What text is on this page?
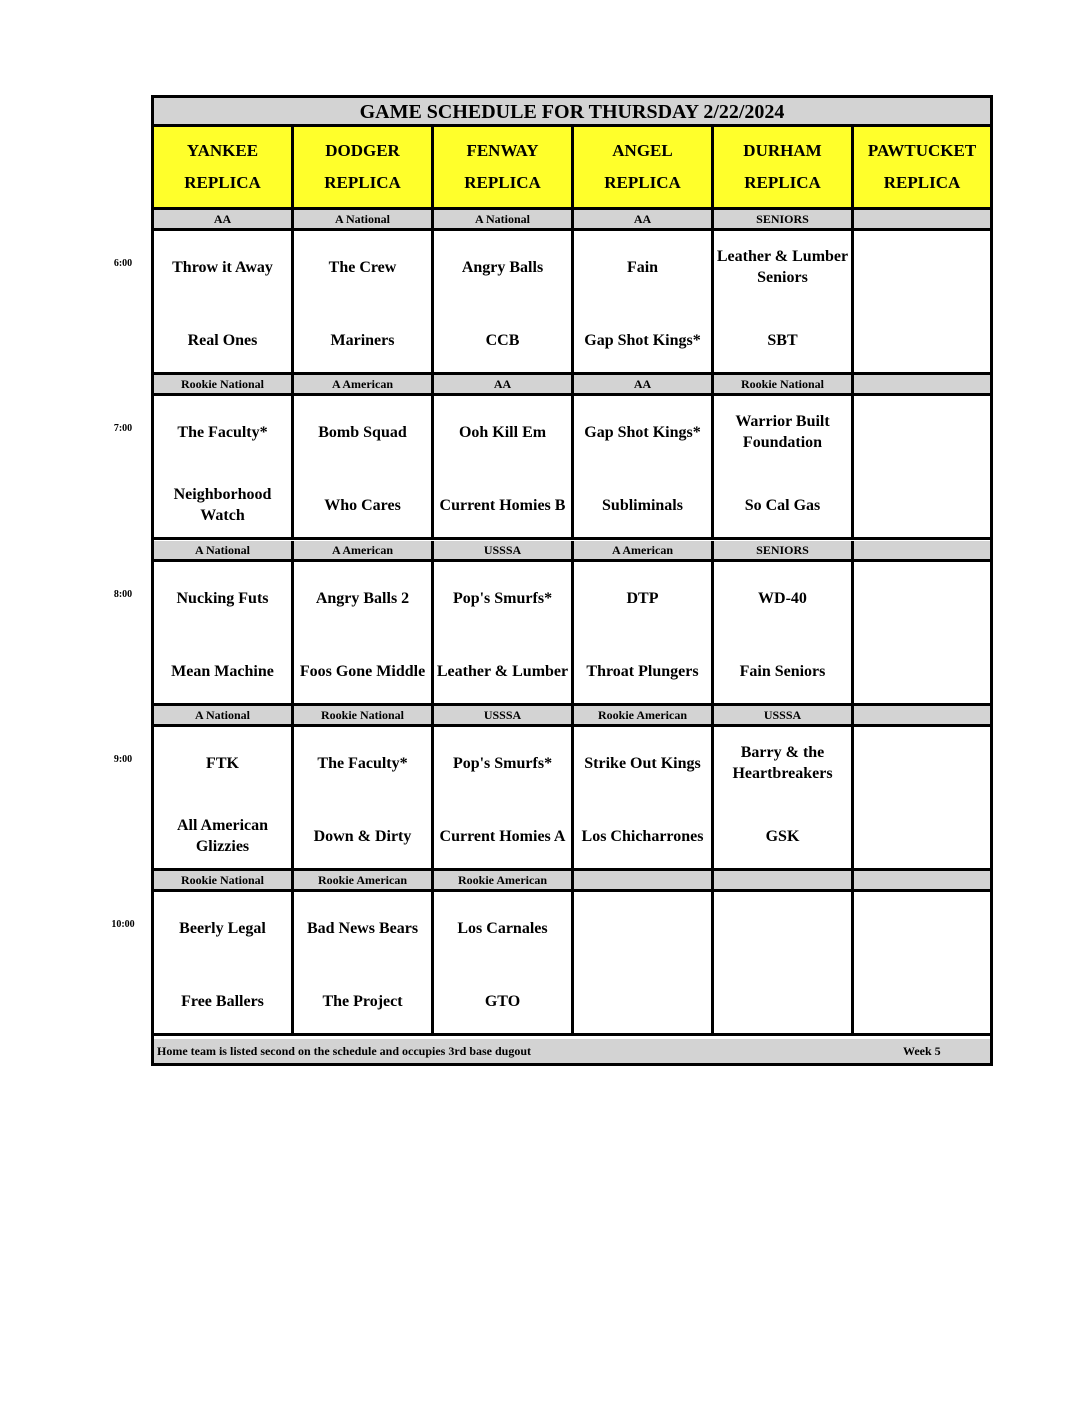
6:00
7:00
8:00
9:00
10:00
GAME SCHEDULE FOR THURSDAY 2/22/2024
Home team is listed second on the schedule and occupies 3rd base dugout	Week 5
YANKEE
REPLICA
DODGER
REPLICA
FENWAY
REPLICA
ANGEL
REPLICA
DURHAM
REPLICA
PAWTUCKET
REPLICA
AA
Throw it Away
Real Ones
A National
The Crew
Mariners
A National
Angry Balls
CCB
AA
Fain
Gap Shot Kings*
SENIORS
Leather & Lumber Seniors
SBT
Rookie National
The Faculty*
Neighborhood Watch
A American
Bomb Squad
Who Cares
AA
Ooh Kill Em
Current Homies B
AA
Gap Shot Kings*
Subliminals
Rookie National
Warrior Built Foundation
So Cal Gas
A National
Nucking Futs
Mean Machine
A American
Angry Balls 2
Foos Gone Middle
USSSA
Pop's Smurfs*
Leather & Lumber
A American
DTP
Throat Plungers
SENIORS
WD-40
Fain Seniors
A National
FTK
All American Glizzies
Rookie National
The Faculty*
Down & Dirty
USSSA
Pop's Smurfs*
Current Homies A
Rookie American
Strike Out Kings
Los Chicharrones
USSSA
Barry & the Heartbreakers
GSK
Rookie National
Beerly Legal
Free Ballers
Rookie American
Bad News Bears
The Project
Rookie American
Los Carnales
GTO
